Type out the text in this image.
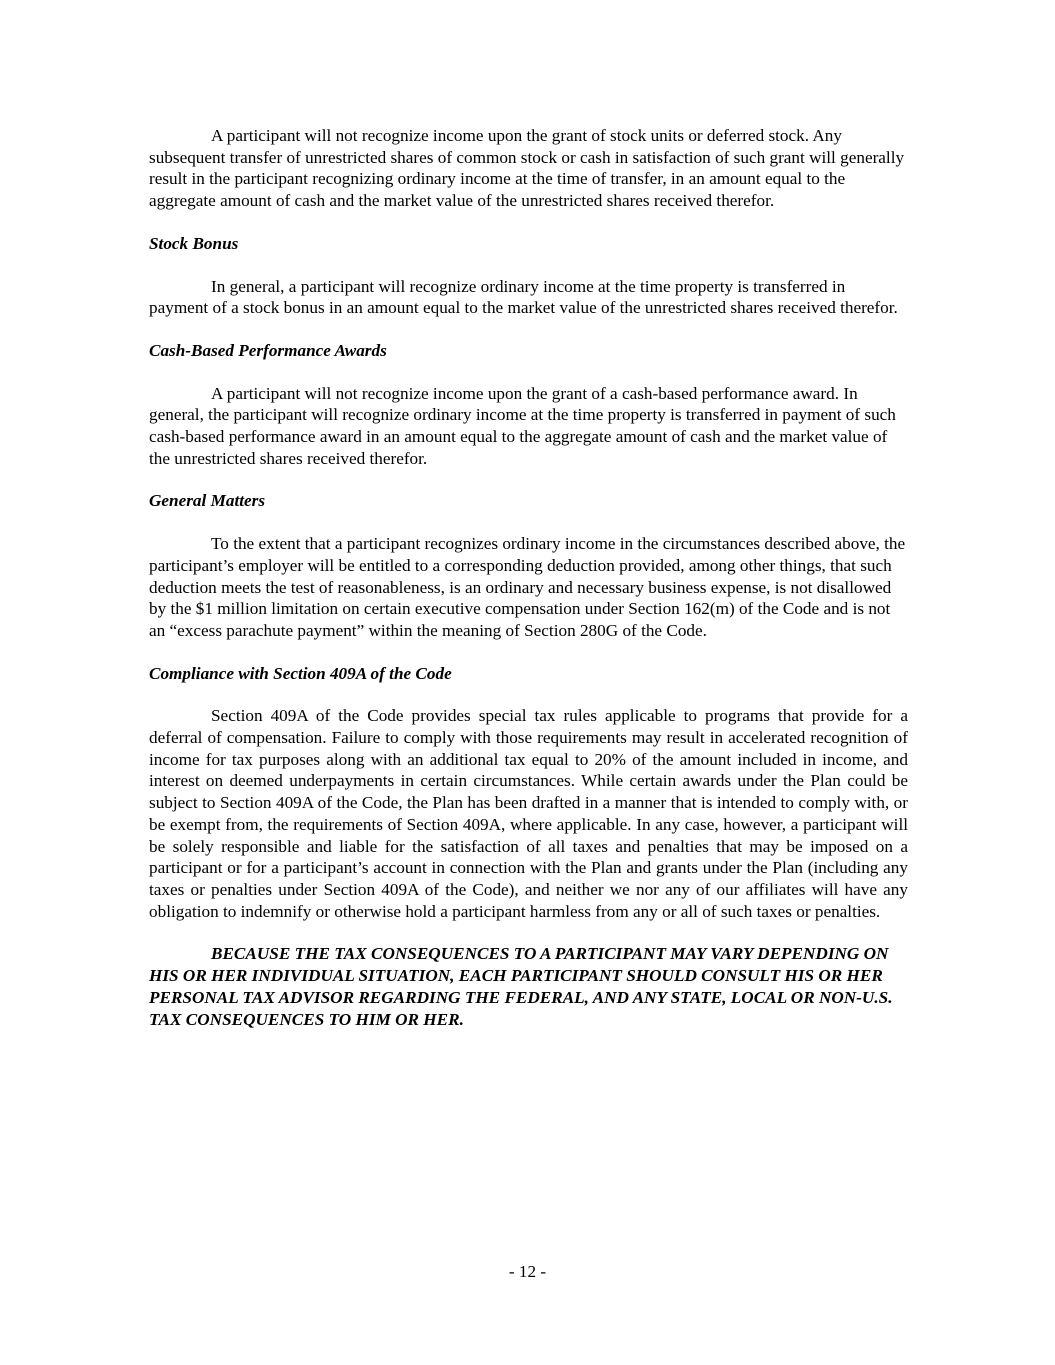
A participant will not recognize income upon the grant of stock units or deferred stock. Any subsequent transfer of unrestricted shares of common stock or cash in satisfaction of such grant will generally result in the participant recognizing ordinary income at the time of transfer, in an amount equal to the aggregate amount of cash and the market value of the unrestricted shares received therefor.

Stock Bonus

In general, a participant will recognize ordinary income at the time property is transferred in payment of a stock bonus in an amount equal to the market value of the unrestricted shares received therefor.

Cash-Based Performance Awards

A participant will not recognize income upon the grant of a cash-based performance award. In general, the participant will recognize ordinary income at the time property is transferred in payment of such cash-based performance award in an amount equal to the aggregate amount of cash and the market value of the unrestricted shares received therefor.

General Matters

To the extent that a participant recognizes ordinary income in the circumstances described above, the participant’s employer will be entitled to a corresponding deduction provided, among other things, that such deduction meets the test of reasonableness, is an ordinary and necessary business expense, is not disallowed by the $1 million limitation on certain executive compensation under Section 162(m) of the Code and is not an “excess parachute payment” within the meaning of Section 280G of the Code.

Compliance with Section 409A of the Code

Section 409A of the Code provides special tax rules applicable to programs that provide for a deferral of compensation. Failure to comply with those requirements may result in accelerated recognition of income for tax purposes along with an additional tax equal to 20% of the amount included in income, and interest on deemed underpayments in certain circumstances. While certain awards under the Plan could be subject to Section 409A of the Code, the Plan has been drafted in a manner that is intended to comply with, or be exempt from, the requirements of Section 409A, where applicable. In any case, however, a participant will be solely responsible and liable for the satisfaction of all taxes and penalties that may be imposed on a participant or for a participant’s account in connection with the Plan and grants under the Plan (including any taxes or penalties under Section 409A of the Code), and neither we nor any of our affiliates will have any obligation to indemnify or otherwise hold a participant harmless from any or all of such taxes or penalties.

BECAUSE THE TAX CONSEQUENCES TO A PARTICIPANT MAY VARY DEPENDING ON HIS OR HER INDIVIDUAL SITUATION, EACH PARTICIPANT SHOULD CONSULT HIS OR HER PERSONAL TAX ADVISOR REGARDING THE FEDERAL, AND ANY STATE, LOCAL OR NON-U.S. TAX CONSEQUENCES TO HIM OR HER.

- 12 -
